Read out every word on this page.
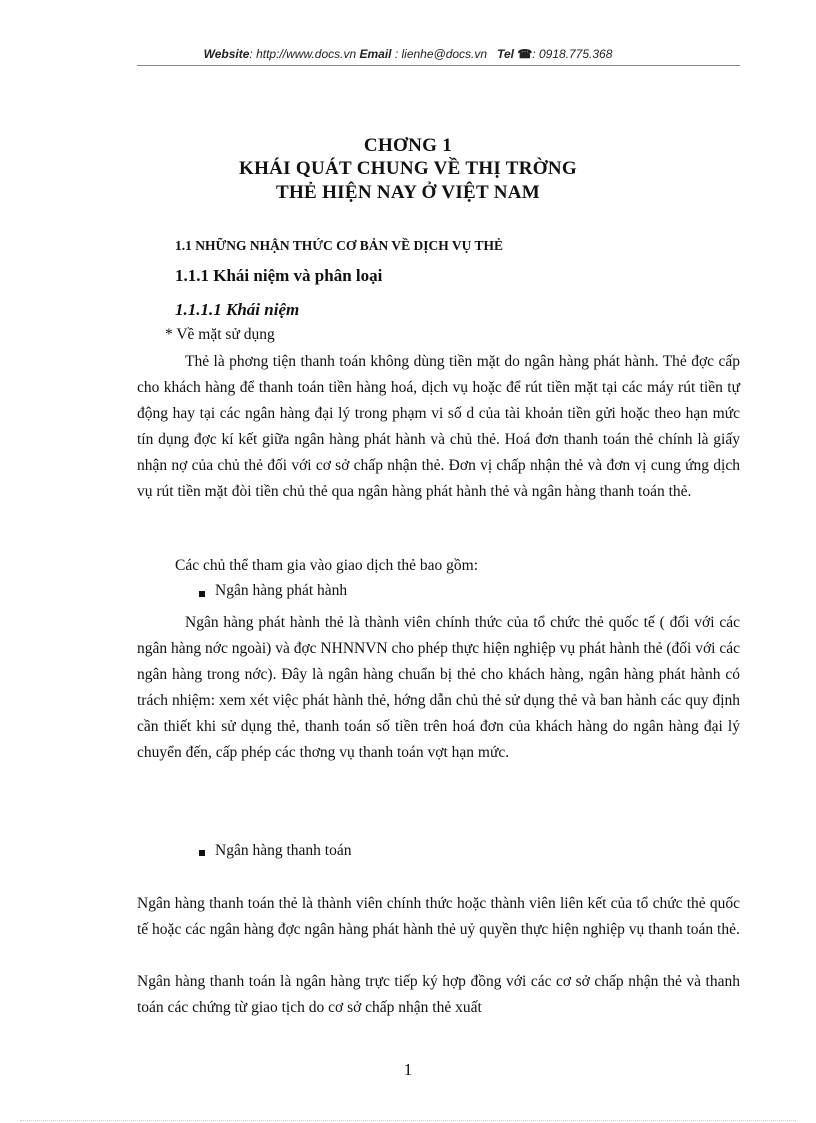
Website: http://www.docs.vn Email : lienhe@docs.vn Tel ☎: 0918.775.368
CHƠNG 1
KHÁI QUÁT CHUNG VỀ THỊ TRỜNG
THẺ HIỆN NAY Ở VIỆT NAM
1.1 NHỮNG NHẬN THỨC CƠ BẢN VỀ DỊCH VỤ THẺ
1.1.1 Khái niệm và phân loại
1.1.1.1 Khái niệm
* Về mặt sử dụng

Thẻ là phơng tiện thanh toán không dùng tiền mặt do ngân hàng phát hành. Thẻ đợc cấp cho khách hàng để thanh toán tiền hàng hoá, dịch vụ hoặc để rút tiền mặt tại các máy rút tiền tự động hay tại các ngân hàng đại lý trong phạm vi số d của tài khoản tiền gửi hoặc theo hạn mức tín dụng đợc kí kết giữa ngân hàng phát hành và chủ thẻ. Hoá đơn thanh toán thẻ chính là giấy nhận nợ của chủ thẻ đối với cơ sở chấp nhận thẻ. Đơn vị chấp nhận thẻ và đơn vị cung ứng dịch vụ rút tiền mặt đòi tiền chủ thẻ qua ngân hàng phát hành thẻ và ngân hàng thanh toán thẻ.

Các chủ thể tham gia vào giao dịch thẻ bao gồm:
Ngân hàng phát hành

Ngân hàng phát hành thẻ là thành viên chính thức của tổ chức thẻ quốc tế ( đối với các ngân hàng nớc ngoài) và đợc NHNNVN cho phép thực hiện nghiệp vụ phát hành thẻ (đối với các ngân hàng trong nớc). Đây là ngân hàng chuẩn bị thẻ cho khách hàng, ngân hàng phát hành có trách nhiệm: xem xét việc phát hành thẻ, hớng dẫn chủ thẻ sử dụng thẻ và ban hành các quy định cần thiết khi sử dụng thẻ, thanh toán số tiền trên hoá đơn của khách hàng do ngân hàng đại lý chuyển đến, cấp phép các thơng vụ thanh toán vợt hạn mức.

Ngân hàng thanh toán

Ngân hàng thanh toán thẻ là thành viên chính thức hoặc thành viên liên kết của tổ chức thẻ quốc tế hoặc các ngân hàng đợc ngân hàng phát hành thẻ uỷ quyền thực hiện nghiệp vụ thanh toán thẻ.

Ngân hàng thanh toán là ngân hàng trực tiếp ký hợp đồng với các cơ sở chấp nhận thẻ và thanh toán các chứng từ giao tịch do cơ sở chấp nhận thẻ xuất

1
